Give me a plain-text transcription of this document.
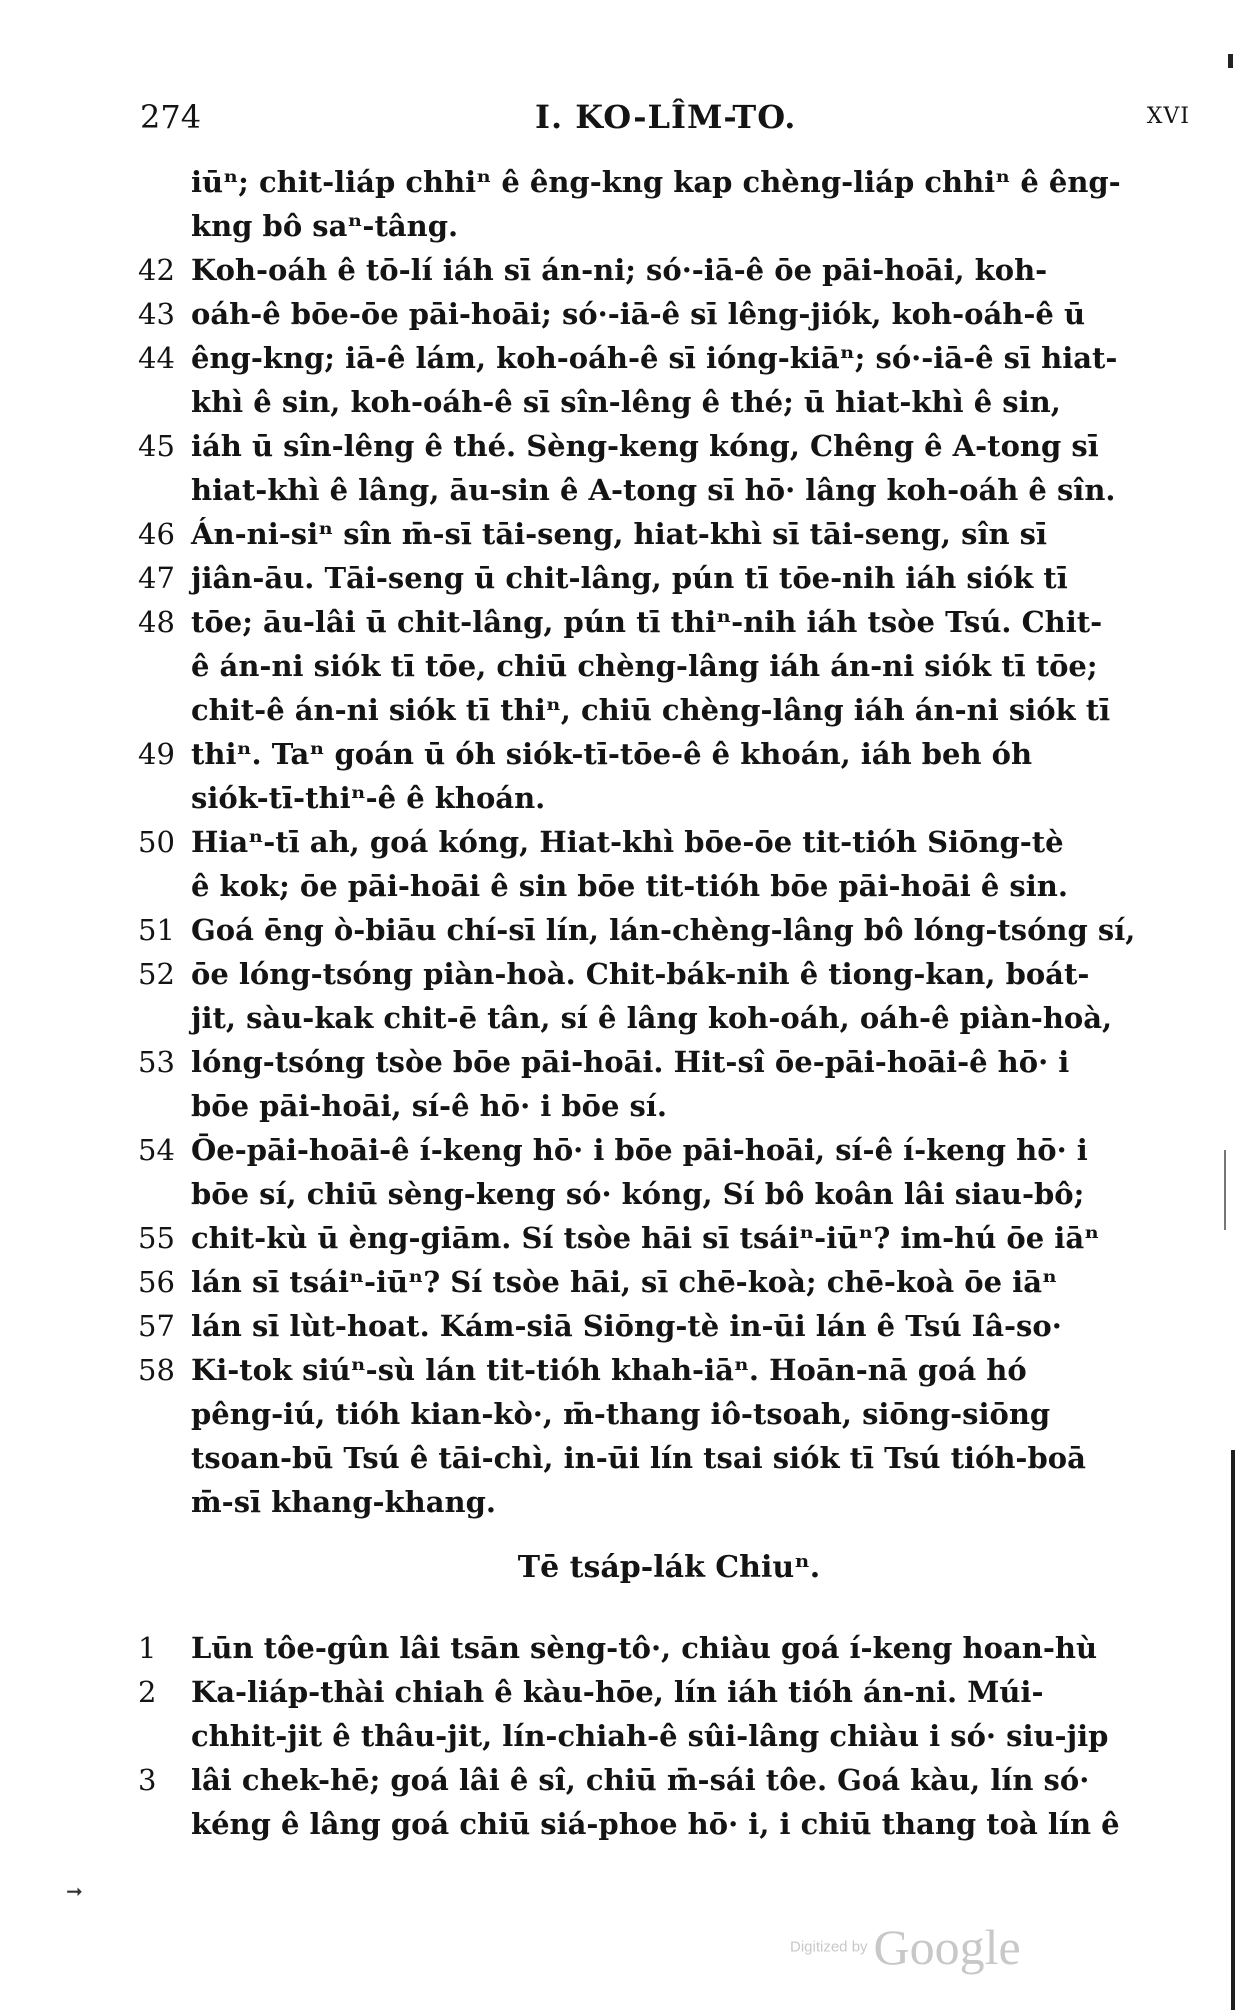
274	I. KO-LÎM-TO.	XVI
iūⁿ; chit-liáp chhiⁿ ê êng-kng kap chèng-liáp chhiⁿ ê êng-
kng bô saⁿ-tâng.
42 Koh-oáh ê tō-lí iáh sī án-ni; só·-iā-ê ōe pāi-hoāi, koh-
43 oáh-ê bōe-ōe pāi-hoāi; só·-iā-ê sī lêng-jiók, koh-oáh-ê ū
44 êng-kng; iā-ê lám, koh-oáh-ê sī ióng-kiāⁿ; só·-iā-ê sī hiat-
khì ê sin, koh-oáh-ê sī sîn-lêng ê thé; ū hiat-khì ê sin,
45 iáh ū sîn-lêng ê thé. Sèng-keng kóng, Chêng ê A-tong sī
hiat-khì ê lâng, āu-sin ê A-tong sī hō· lâng koh-oáh ê sîn.
46 Án-ni-siⁿ sîn m̄-sī tāi-seng, hiat-khì sī tāi-seng, sîn sī
47 jiân-āu. Tāi-seng ū chit-lâng, pún tī tōe-nih iáh siók tī
48 tōe; āu-lâi ū chit-lâng, pún tī thiⁿ-nih iáh tsòe Tsú. Chit-
ê án-ni siók tī tōe, chiū chèng-lâng iáh án-ni siók tī tōe;
chit-ê án-ni siók tī thiⁿ, chiū chèng-lâng iáh án-ni siók tī
49 thiⁿ. Taⁿ goán ū óh siók-tī-tōe-ê ê khoán, iáh beh óh
siók-tī-thiⁿ-ê ê khoán.
50 Hiaⁿ-tī ah, goá kóng, Hiat-khì bōe-ōe tit-tióh Siōng-tè
ê kok; ōe pāi-hoāi ê sin bōe tit-tióh bōe pāi-hoāi ê sin.
51 Goá ēng ò-biāu chí-sī lín, lán-chèng-lâng bô lóng-tsóng sí,
52 ōe lóng-tsóng piàn-hoà. Chit-bák-nih ê tiong-kan, boát-
jit, sàu-kak chit-ē tân, sí ê lâng koh-oáh, oáh-ê piàn-hoà,
53 lóng-tsóng tsòe bōe pāi-hoāi. Hit-sî ōe-pāi-hoāi-ê hō· i
bōe pāi-hoāi, sí-ê hō· i bōe sí.
54 Ōe-pāi-hoāi-ê í-keng hō· i bōe pāi-hoāi, sí-ê í-keng hō· i
bōe sí, chiū sèng-keng só· kóng, Sí bô koân lâi siau-bô;
55 chit-kù ū èng-giām. Sí tsòe hāi sī tsáiⁿ-iūⁿ? im-hú ōe iāⁿ
56 lán sī tsáiⁿ-iūⁿ? Sí tsòe hāi, sī chē-koà; chē-koà ōe iāⁿ
57 lán sī lùt-hoat. Kám-siā Siōng-tè in-ūi lán ê Tsú Iâ-so·
58 Ki-tok siúⁿ-sù lán tit-tióh khah-iāⁿ. Hoān-nā goá hó
pêng-iú, tióh kian-kò·, m̄-thang iô-tsoah, siōng-siōng
tsoan-bū Tsú ê tāi-chì, in-ūi lín tsai siók tī Tsú tióh-boā
m̄-sī khang-khang.
Tē tsáp-lák Chiuⁿ.
1	Lūn tôe-gûn lâi tsān sèng-tô·, chiàu goá í-keng hoan-hù
2	Ka-liáp-thài chiah ê kàu-hōe, lín iáh tióh án-ni. Múi-
chhit-jit ê thâu-jit, lín-chiah-ê sûi-lâng chiàu i só· siu-jip
3	lâi chek-hē; goá lâi ê sî, chiū m̄-sái tôe. Goá kàu, lín só·
kéng ê lâng goá chiū siá-phoe hō· i, i chiū thang toà lín ê
➞
Digitized by Google
